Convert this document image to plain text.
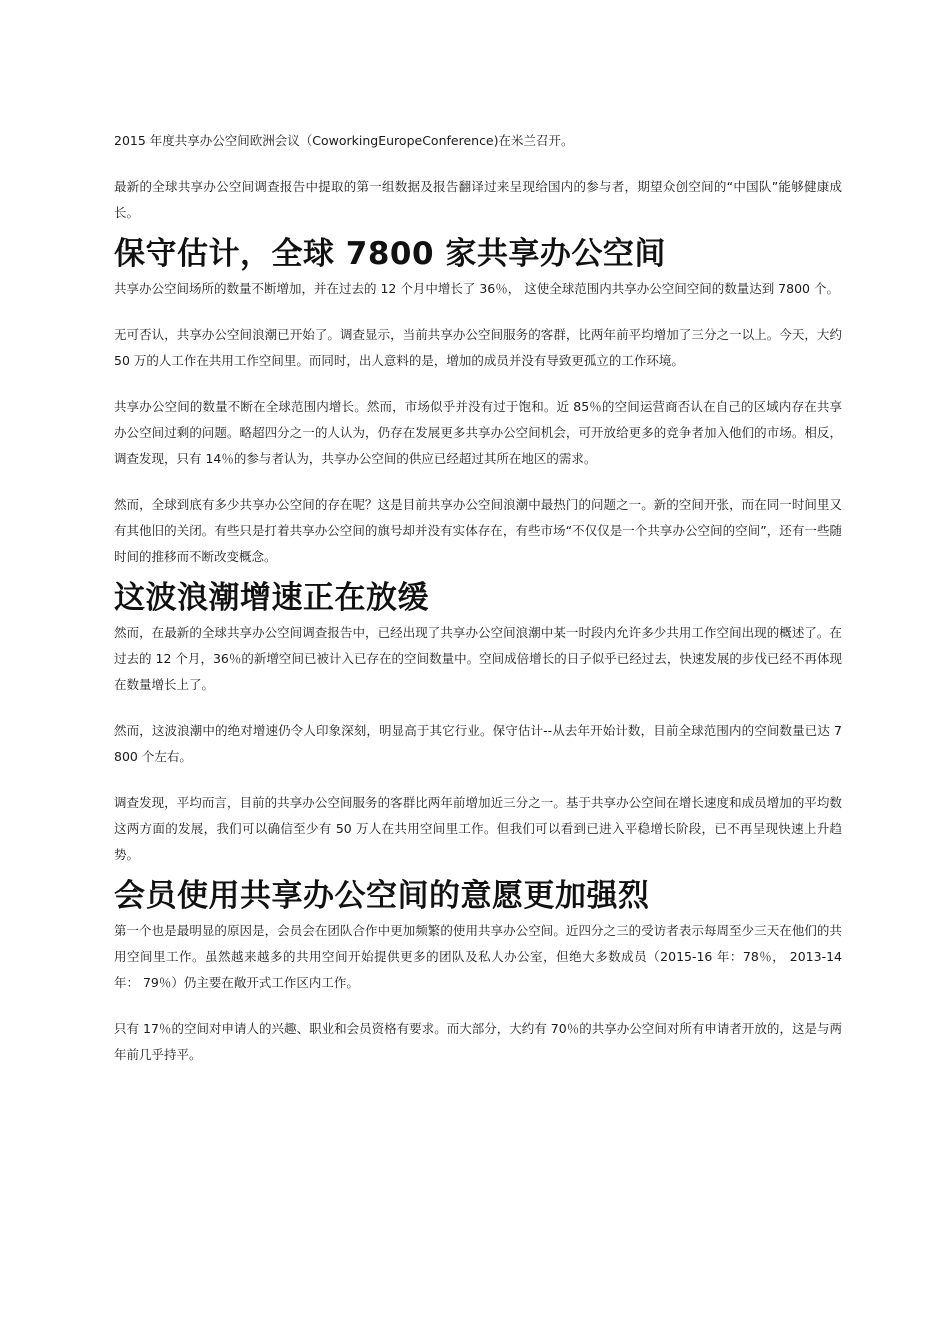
2015 年度共享办公空间欧洲会议（CoworkingEuropeConference)在米兰召开。

最新的全球共享办公空间调查报告中提取的第一组数据及报告翻译过来呈现给国内的参与者，期望众创空间的“中国队”能够健康成长。

保守估计，全球 7800 家共享办公空间

共享办公空间场所的数量不断增加，并在过去的 12 个月中增长了 36％， 这使全球范围内共享办公空间空间的数量达到 7800 个。

无可否认，共享办公空间浪潮已开始了。调查显示，当前共享办公空间服务的客群，比两年前平均增加了三分之一以上。今天，大约 50 万的人工作在共用工作空间里。而同时，出人意料的是，增加的成员并没有导致更孤立的工作环境。

共享办公空间的数量不断在全球范围内增长。然而，市场似乎并没有过于饱和。近 85％的空间运营商否认在自己的区域内存在共享办公空间过剩的问题。略超四分之一的人认为，仍存在发展更多共享办公空间机会，可开放给更多的竞争者加入他们的市场。相反，调查发现，只有 14％的参与者认为，共享办公空间的供应已经超过其所在地区的需求。

然而，全球到底有多少共享办公空间的存在呢？这是目前共享办公空间浪潮中最热门的问题之一。新的空间开张，而在同一时间里又有其他旧的关闭。有些只是打着共享办公空间的旗号却并没有实体存在，有些市场“不仅仅是一个共享办公空间的空间”，还有一些随时间的推移而不断改变概念。

这波浪潮增速正在放缓

然而，在最新的全球共享办公空间调查报告中，已经出现了共享办公空间浪潮中某一时段内允许多少共用工作空间出现的概述了。在过去的 12 个月，36％的新增空间已被计入已存在的空间数量中。空间成倍增长的日子似乎已经过去，快速发展的步伐已经不再体现在数量增长上了。

然而，这波浪潮中的绝对增速仍令人印象深刻，明显高于其它行业。保守估计--从去年开始计数，目前全球范围内的空间数量已达 7800 个左右。

调查发现，平均而言，目前的共享办公空间服务的客群比两年前增加近三分之一。基于共享办公空间在增长速度和成员增加的平均数这两方面的发展，我们可以确信至少有 50 万人在共用空间里工作。但我们可以看到已进入平稳增长阶段，已不再呈现快速上升趋势。

会员使用共享办公空间的意愿更加强烈

第一个也是最明显的原因是，会员会在团队合作中更加频繁的使用共享办公空间。近四分之三的受访者表示每周至少三天在他们的共用空间里工作。虽然越来越多的共用空间开始提供更多的团队及私人办公室，但绝大多数成员（2015-16 年：78％， 2013-14 年： 79％）仍主要在敞开式工作区内工作。

只有 17％的空间对申请人的兴趣、职业和会员资格有要求。而大部分，大约有 70％的共享办公空间对所有申请者开放的，这是与两年前几乎持平。
